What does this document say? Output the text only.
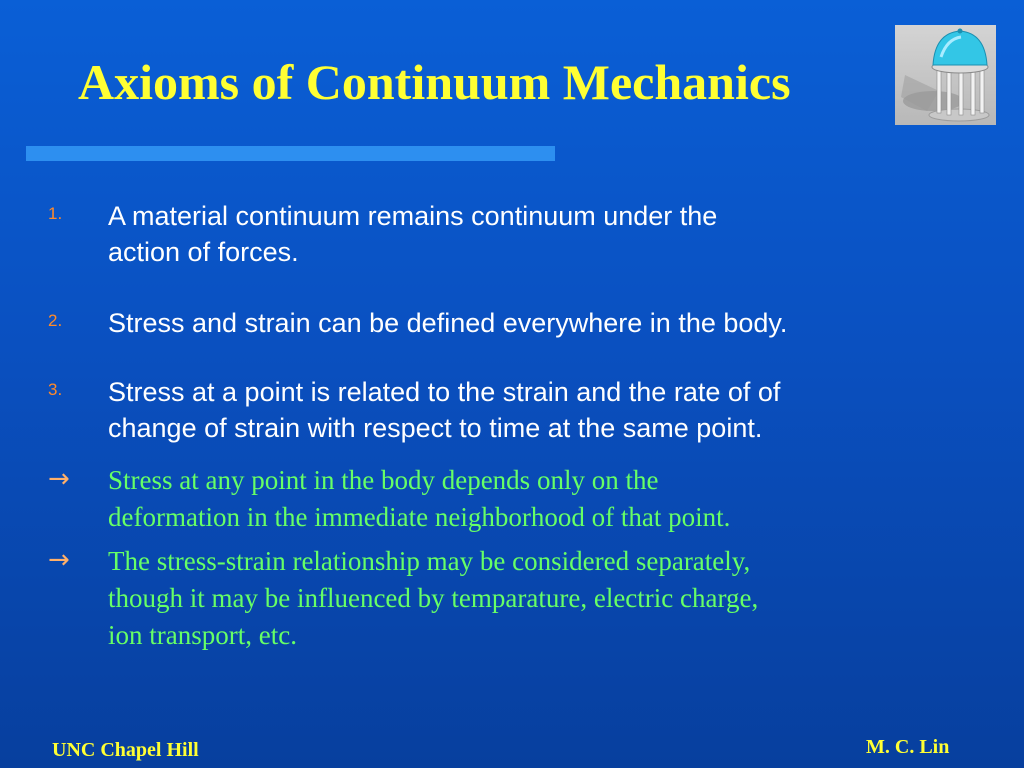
Axioms of Continuum Mechanics
1. A material continuum remains continuum under the
action of forces.
2. Stress and strain can be defined everywhere in the body.
3. Stress at a point is related to the strain and the rate of of
change of strain with respect to time at the same point.
→ Stress at any point in the body depends only on the
deformation in the immediate neighborhood of that point.
→ The stress-strain relationship may be considered separately,
though it may be influenced by temparature, electric charge,
ion transport, etc.
UNC Chapel Hill	M. C. Lin
